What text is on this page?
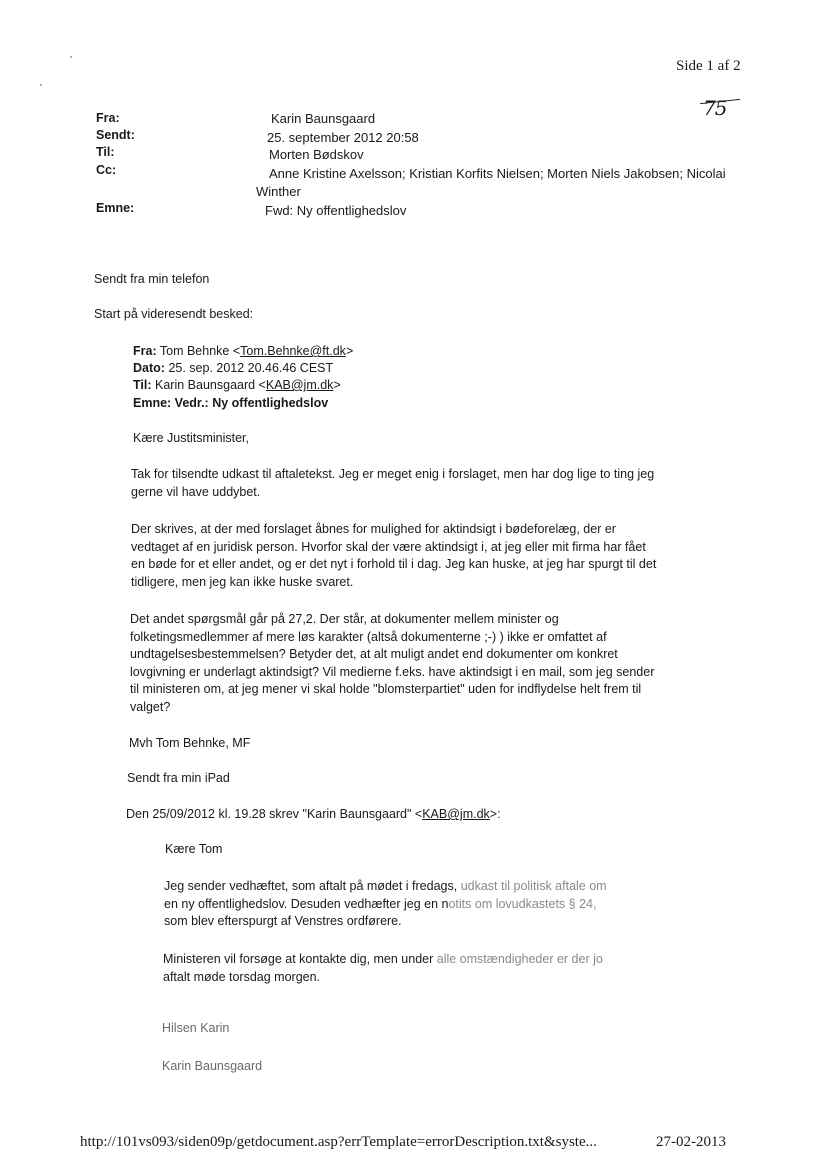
Side 1 af 2
75
Fra:	Karin Baunsgaard
Sendt:	25. september 2012 20:58
Til:	Morten Bødskov
Cc:	Anne Kristine Axelsson; Kristian Korfits Nielsen; Morten Niels Jakobsen; Nicolai
Winther
Emne:	Fwd: Ny offentlighedslov
Sendt fra min telefon
Start på videresendt besked:
Fra: Tom Behnke <Tom.Behnke@ft.dk>
Dato: 25. sep. 2012 20.46.46 CEST
Til: Karin Baunsgaard <KAB@jm.dk>
Emne: Vedr.: Ny offentlighedslov
Kære Justitsminister,
Tak for tilsendte udkast til aftaletekst. Jeg er meget enig i forslaget, men har dog lige to ting jeg
gerne vil have uddybet.
Der skrives, at der med forslaget åbnes for mulighed for aktindsigt i bødeforelæg, der er
vedtaget af en juridisk person. Hvorfor skal der være aktindsigt i, at jeg eller mit firma har fået
en bøde for et eller andet, og er det nyt i forhold til i dag. Jeg kan huske, at jeg har spurgt til det
tidligere, men jeg kan ikke huske svaret.
Det andet spørgsmål går på 27,2. Der står, at dokumenter mellem minister og
folketingsmedlemmer af mere løs karakter (altså dokumenterne ;-) ) ikke er omfattet af
undtagelsesbestemmelsen? Betyder det, at alt muligt andet end dokumenter om konkret
lovgivning er underlagt aktindsigt? Vil medierne f.eks. have aktindsigt i en mail, som jeg sender
til ministeren om, at jeg mener vi skal holde "blomsterpartiet" uden for indflydelse helt frem til
valget?
Mvh Tom Behnke, MF
Sendt fra min iPad
Den 25/09/2012 kl. 19.28 skrev "Karin Baunsgaard" <KAB@jm.dk>:
Kære Tom
Jeg sender vedhæftet, som aftalt på mødet i fredags, udkast til politisk aftale om
en ny offentlighedslov. Desuden vedhæfter jeg en notits om lovudkastets § 24,
som blev efterspurgt af Venstres ordførere.
Ministeren vil forsøge at kontakte dig, men under alle omstændigheder er der jo
aftalt møde torsdag morgen.
Hilsen Karin
Karin Baunsgaard
http://101vs093/siden09p/getdocument.asp?errTemplate=errorDescription.txt&syste...	27-02-2013
